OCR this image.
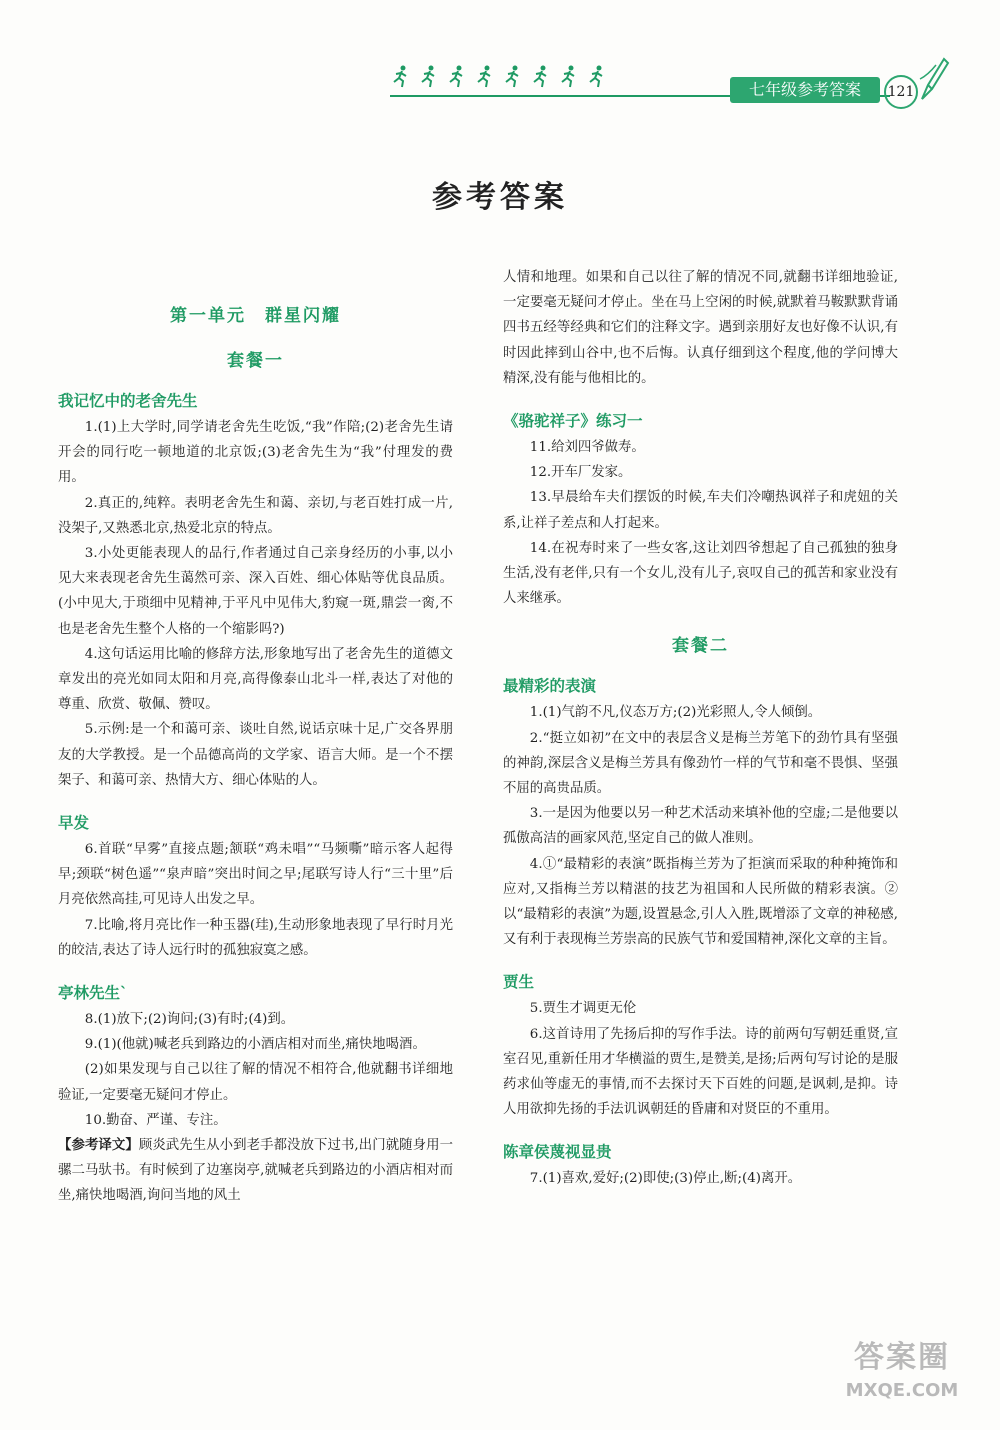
七年级参考答案	121
参考答案
第一单元　群星闪耀
套餐一
我记忆中的老舍先生

1.(1)上大学时,同学请老舍先生吃饭,“我”作陪;(2)老舍先生请开会的同行吃一顿地道的北京饭;(3)老舍先生为“我”付理发的费用。

2.真正的,纯粹。表明老舍先生和蔼、亲切,与老百姓打成一片,没架子,又熟悉北京,热爱北京的特点。

3.小处更能表现人的品行,作者通过自己亲身经历的小事,以小见大来表现老舍先生蔼然可亲、深入百姓、细心体贴等优良品质。(小中见大,于琐细中见精神,于平凡中见伟大,豹窥一斑,鼎尝一脔,不也是老舍先生整个人格的一个缩影吗?)

4.这句话运用比喻的修辞方法,形象地写出了老舍先生的道德文章发出的亮光如同太阳和月亮,高得像泰山北斗一样,表达了对他的尊重、欣赏、敬佩、赞叹。

5.示例:是一个和蔼可亲、谈吐自然,说话京味十足,广交各界朋友的大学教授。是一个品德高尚的文学家、语言大师。是一个不摆架子、和蔼可亲、热情大方、细心体贴的人。

早发

6.首联“早雾”直接点题;颔联“鸡未唱”“马频嘶”暗示客人起得早;颈联“树色遥”“泉声暗”突出时间之早;尾联写诗人行“三十里”后月亮依然高挂,可见诗人出发之早。

7.比喻,将月亮比作一种玉器(珪),生动形象地表现了早行时月光的皎洁,表达了诗人远行时的孤独寂寞之感。

亭林先生`

8.(1)放下;(2)询问;(3)有时;(4)到。

9.(1)(他就)喊老兵到路边的小酒店相对而坐,痛快地喝酒。

(2)如果发现与自己以往了解的情况不相符合,他就翻书详细地验证,一定要毫无疑问才停止。

10.勤奋、严谨、专注。

【参考译文】顾炎武先生从小到老手都没放下过书,出门就随身用一骡二马驮书。有时候到了边塞岗亭,就喊老兵到路边的小酒店相对而坐,痛快地喝酒,询问当地的风土

人情和地理。如果和自己以往了解的情况不同,就翻书详细地验证,一定要毫无疑问才停止。坐在马上空闲的时候,就默着马鞍默默背诵四书五经等经典和它们的注释文字。遇到亲朋好友也好像不认识,有时因此摔到山谷中,也不后悔。认真仔细到这个程度,他的学问博大精深,没有能与他相比的。

《骆驼祥子》练习一

11.给刘四爷做寿。

12.开车厂发家。

13.早晨给车夫们摆饭的时候,车夫们冷嘲热讽祥子和虎妞的关系,让祥子差点和人打起来。

14.在祝寿时来了一些女客,这让刘四爷想起了自己孤独的独身生活,没有老伴,只有一个女儿,没有儿子,哀叹自己的孤苦和家业没有人来继承。

套餐二
最精彩的表演

1.(1)气韵不凡,仪态万方;(2)光彩照人,令人倾倒。

2.“挺立如初”在文中的表层含义是梅兰芳笔下的劲竹具有坚强的神韵,深层含义是梅兰芳具有像劲竹一样的气节和毫不畏惧、坚强不屈的高贵品质。

3.一是因为他要以另一种艺术活动来填补他的空虚;二是他要以孤傲高洁的画家风范,坚定自己的做人准则。

4.①“最精彩的表演”既指梅兰芳为了拒演而采取的种种掩饰和应对,又指梅兰芳以精湛的技艺为祖国和人民所做的精彩表演。②以“最精彩的表演”为题,设置悬念,引人入胜,既增添了文章的神秘感,又有利于表现梅兰芳崇高的民族气节和爱国精神,深化文章的主旨。

贾生

5.贾生才调更无伦

6.这首诗用了先扬后抑的写作手法。诗的前两句写朝廷重贤,宣室召见,重新任用才华横溢的贾生,是赞美,是扬;后两句写讨论的是服药求仙等虚无的事情,而不去探讨天下百姓的问题,是讽刺,是抑。诗人用欲抑先扬的手法讥讽朝廷的昏庸和对贤臣的不重用。

陈章侯蔑视显贵

7.(1)喜欢,爱好;(2)即使;(3)停止,断;(4)离开。

答案圈
MXQE.COM
